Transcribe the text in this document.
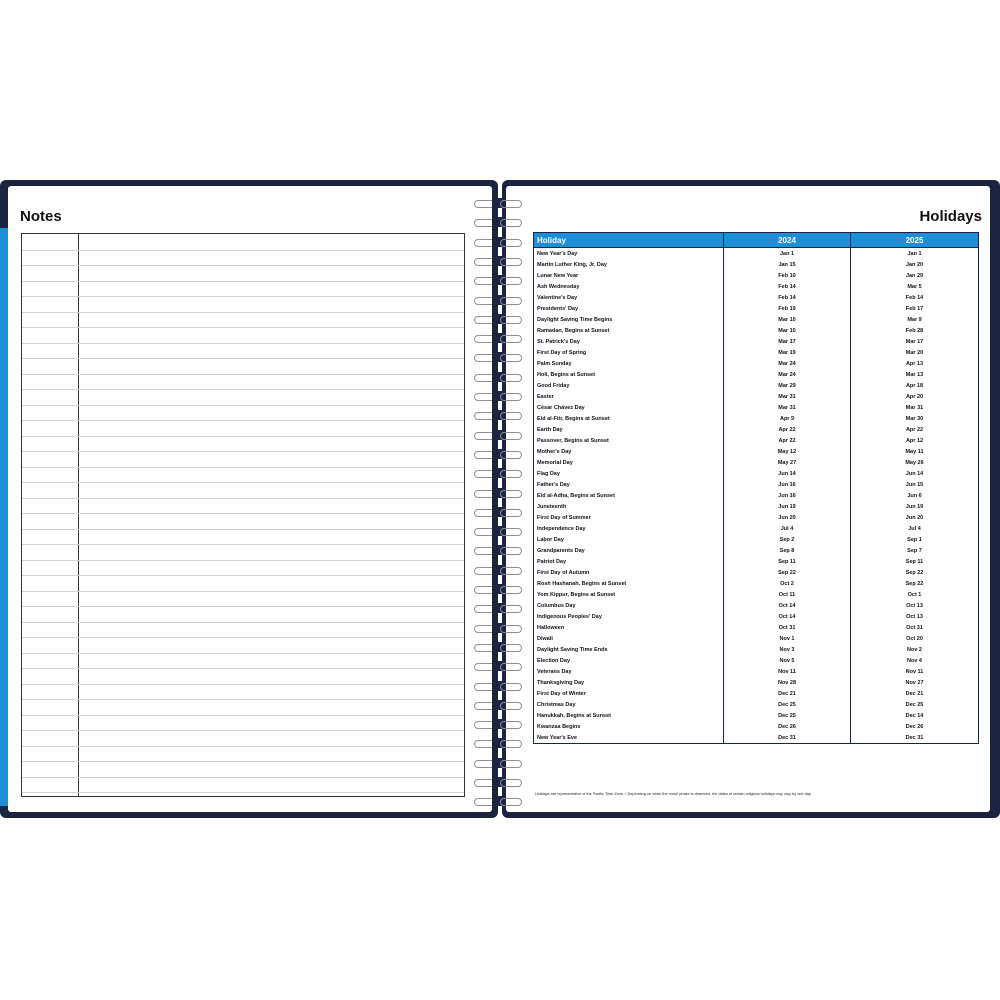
Notes	Holidays
Holiday	2024	2025
New Year's Day	Jan 1	Jan 1
Martin Luther King, Jr. Day	Jan 15	Jan 20
Lunar New Year	Feb 10	Jan 29
Ash Wednesday	Feb 14	Mar 5
Valentine's Day	Feb 14	Feb 14
Presidents' Day	Feb 19	Feb 17
Daylight Saving Time Begins	Mar 10	Mar 9
Ramadan, Begins at Sunset	Mar 10	Feb 28
St. Patrick's Day	Mar 17	Mar 17
First Day of Spring	Mar 19	Mar 20
Palm Sunday	Mar 24	Apr 13
Holi, Begins at Sunset	Mar 24	Mar 13
Good Friday	Mar 29	Apr 18
Easter	Mar 31	Apr 20
César Chávez Day	Mar 31	Mar 31
Eid al-Fitr, Begins at Sunset	Apr 9	Mar 30
Earth Day	Apr 22	Apr 22
Passover, Begins at Sunset	Apr 22	Apr 12
Mother's Day	May 12	May 11
Memorial Day	May 27	May 26
Flag Day	Jun 14	Jun 14
Father's Day	Jun 16	Jun 15
Eid al-Adha, Begins at Sunset	Jun 16	Jun 6
Juneteenth	Jun 19	Jun 19
First Day of Summer	Jun 20	Jun 20
Independence Day	Jul 4	Jul 4
Labor Day	Sep 2	Sep 1
Grandparents Day	Sep 8	Sep 7
Patriot Day	Sep 11	Sep 11
First Day of Autumn	Sep 22	Sep 22
Rosh Hashanah, Begins at Sunset	Oct 2	Sep 22
Yom Kippur, Begins at Sunset	Oct 11	Oct 1
Columbus Day	Oct 14	Oct 13
Indigenous Peoples' Day	Oct 14	Oct 13
Halloween	Oct 31	Oct 31
Diwali	Nov 1	Oct 20
Daylight Saving Time Ends	Nov 3	Nov 2
Election Day	Nov 5	Nov 4
Veterans Day	Nov 11	Nov 11
Thanksgiving Day	Nov 28	Nov 27
First Day of Winter	Dec 21	Dec 21
Christmas Day	Dec 25	Dec 25
Hanukkah, Begins at Sunset	Dec 25	Dec 14
Kwanzaa Begins	Dec 26	Dec 26
New Year's Eve	Dec 31	Dec 31
Holidays are representative of the Pacific Time Zone. • Depending on when the moon phase is observed, the dates of certain religious holidays may vary by one day.
